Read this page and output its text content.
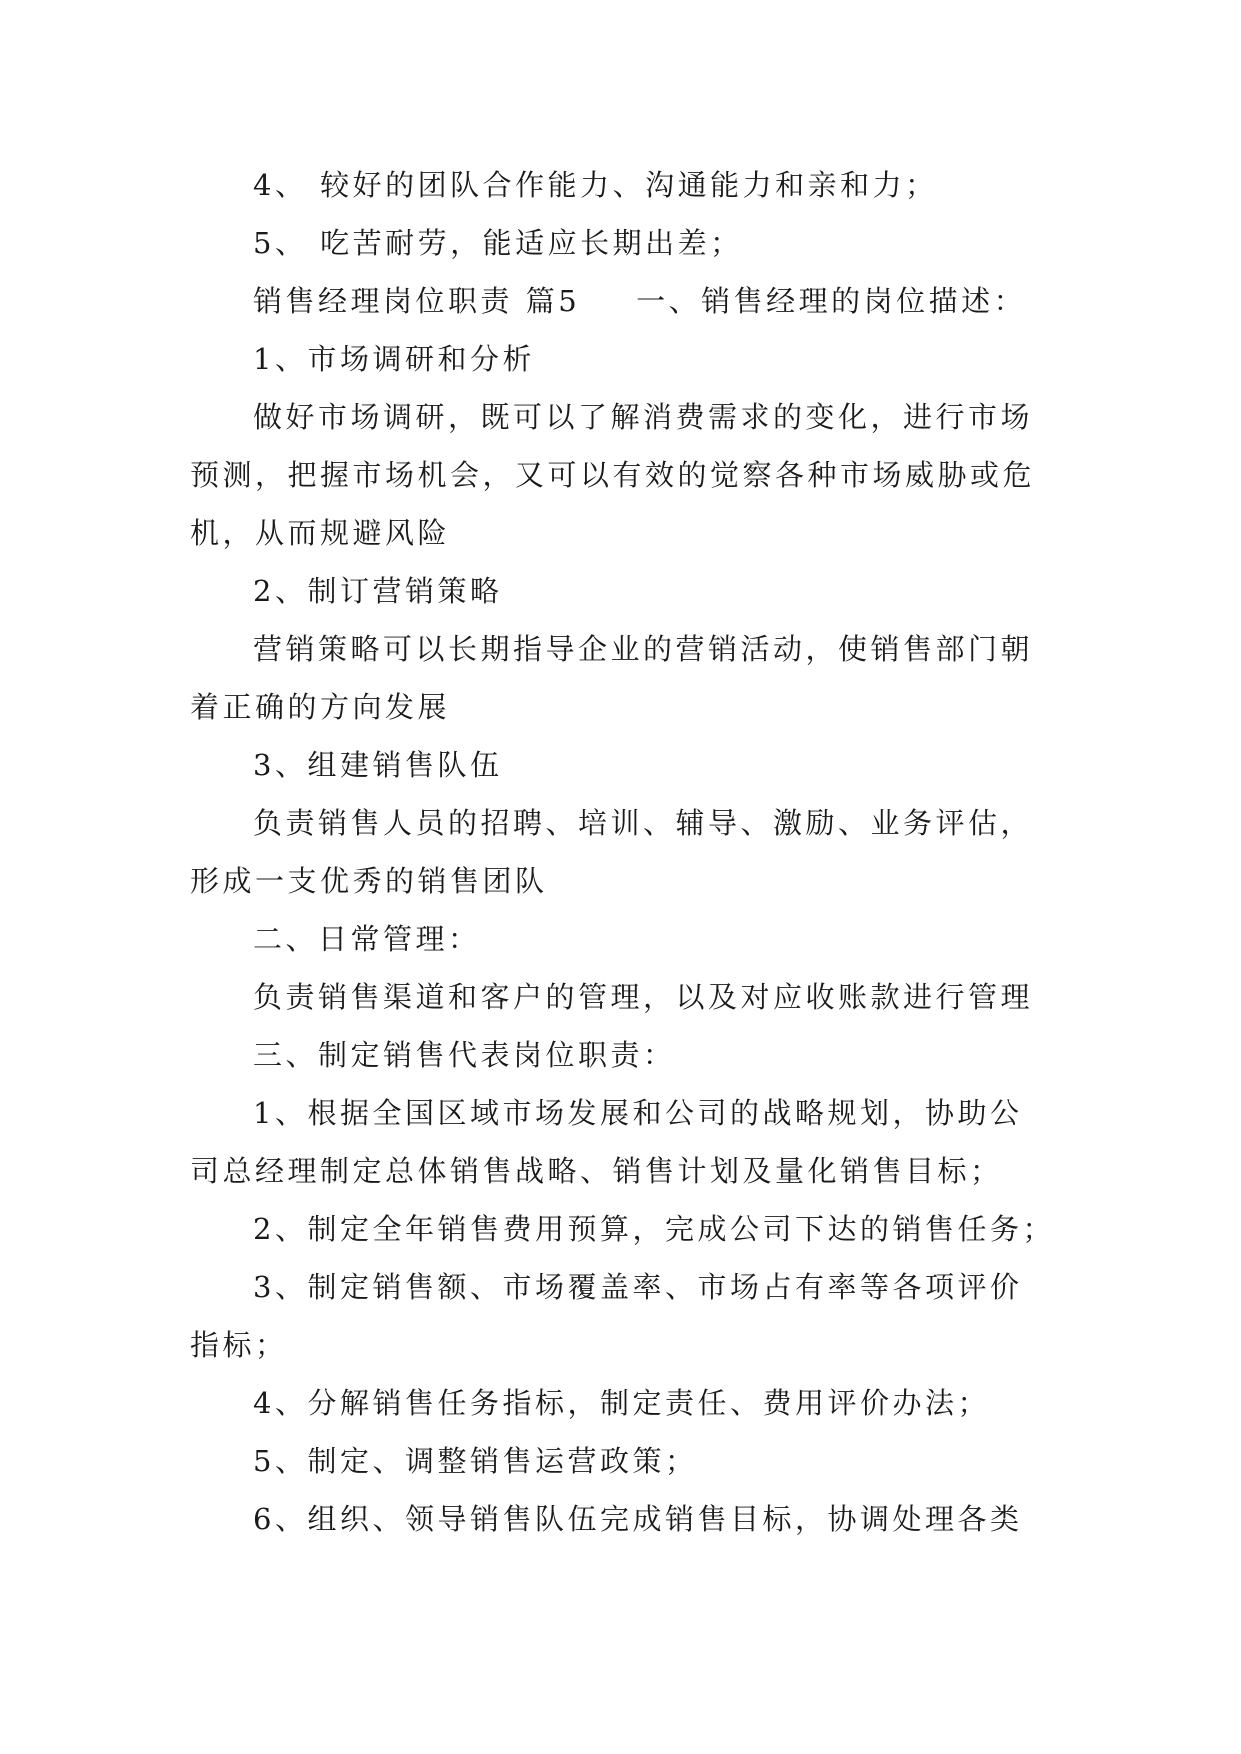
4、 较好的团队合作能力、沟通能力和亲和力；
5、 吃苦耐劳，能适应长期出差；
销售经理岗位职责 篇5 一、销售经理的岗位描述：
1、市场调研和分析
做好市场调研，既可以了解消费需求的变化，进行市场
预测，把握市场机会，又可以有效的觉察各种市场威胁或危
机，从而规避风险
2、制订营销策略
营销策略可以长期指导企业的营销活动，使销售部门朝
着正确的方向发展
3、组建销售队伍
负责销售人员的招聘、培训、辅导、激励、业务评估，
形成一支优秀的销售团队
二、日常管理：
负责销售渠道和客户的管理，以及对应收账款进行管理
三、制定销售代表岗位职责：
1、根据全国区域市场发展和公司的战略规划，协助公
司总经理制定总体销售战略、销售计划及量化销售目标；
2、制定全年销售费用预算，完成公司下达的销售任务；
3、制定销售额、市场覆盖率、市场占有率等各项评价
指标；
4、分解销售任务指标，制定责任、费用评价办法；
5、制定、调整销售运营政策；
6、组织、领导销售队伍完成销售目标，协调处理各类
